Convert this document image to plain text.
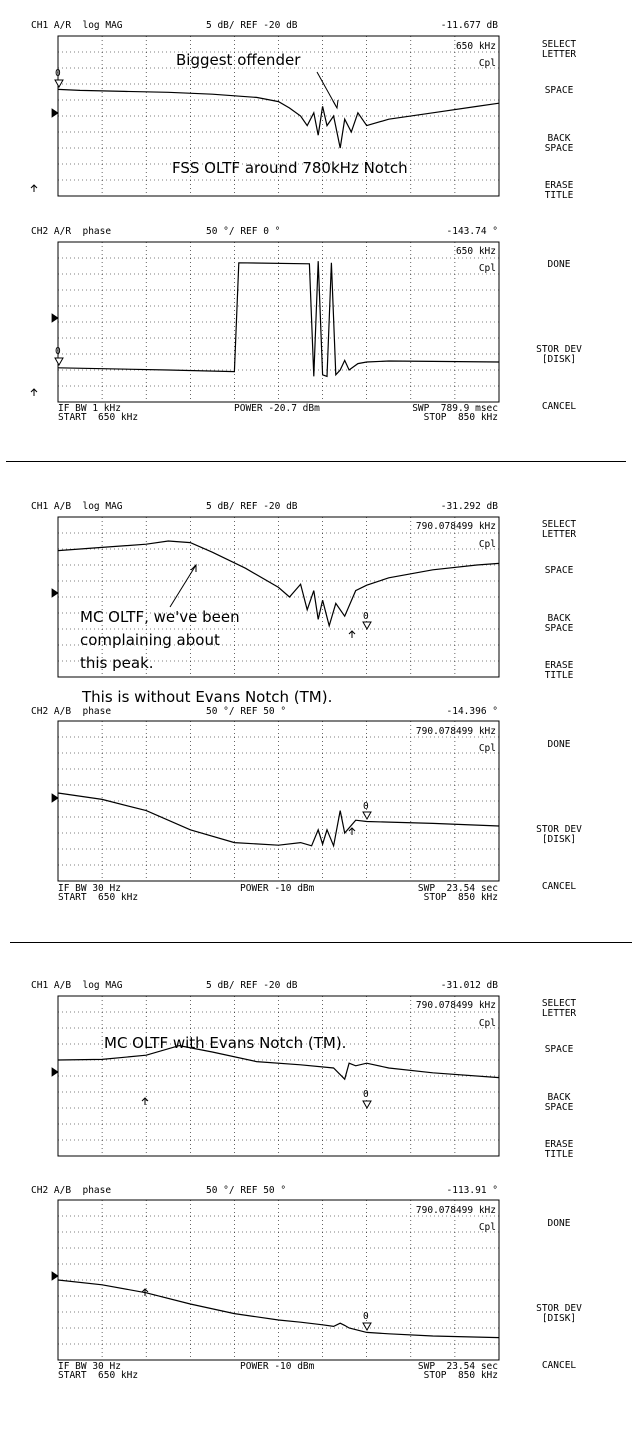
CH1 A/R  log MAG	5 dB/ REF -20 dB	-11.677 dB
650 kHz
Cpl
0
Biggest offender
FSS OLTF around 780kHz Notch
CH2 A/R  phase	50 °/ REF 0 °	-143.74 °
650 kHz
Cpl
0
IF BW 1 kHz
START  650 kHz
POWER -20.7 dBm	SWP  789.9 msec
STOP  850 kHz
SELECT
LETTER
SPACE
BACK
SPACE
ERASE
TITLE
DONE
STOR DEV
[DISK]
CANCEL
CH1 A/B  log MAG	5 dB/ REF -20 dB	-31.292 dB
790.078499 kHz
Cpl
0
MC OLTF, we've been
complaining about
this peak.
This is without Evans Notch (TM).
CH2 A/B  phase	50 °/ REF 50 °	-14.396 °
790.078499 kHz
Cpl
0
IF BW 30 Hz
START  650 kHz
POWER -10 dBm	SWP  23.54 sec
STOP  850 kHz
SELECT
LETTER
SPACE
BACK
SPACE
ERASE
TITLE
DONE
STOR DEV
[DISK]
CANCEL
CH1 A/B  log MAG	5 dB/ REF -20 dB	-31.012 dB
790.078499 kHz
Cpl
0
MC OLTF with Evans Notch (TM).
CH2 A/B  phase	50 °/ REF 50 °	-113.91 °
790.078499 kHz
Cpl
0
IF BW 30 Hz
START  650 kHz
POWER -10 dBm	SWP  23.54 sec
STOP  850 kHz
SELECT
LETTER
SPACE
BACK
SPACE
ERASE
TITLE
DONE
STOR DEV
[DISK]
CANCEL
